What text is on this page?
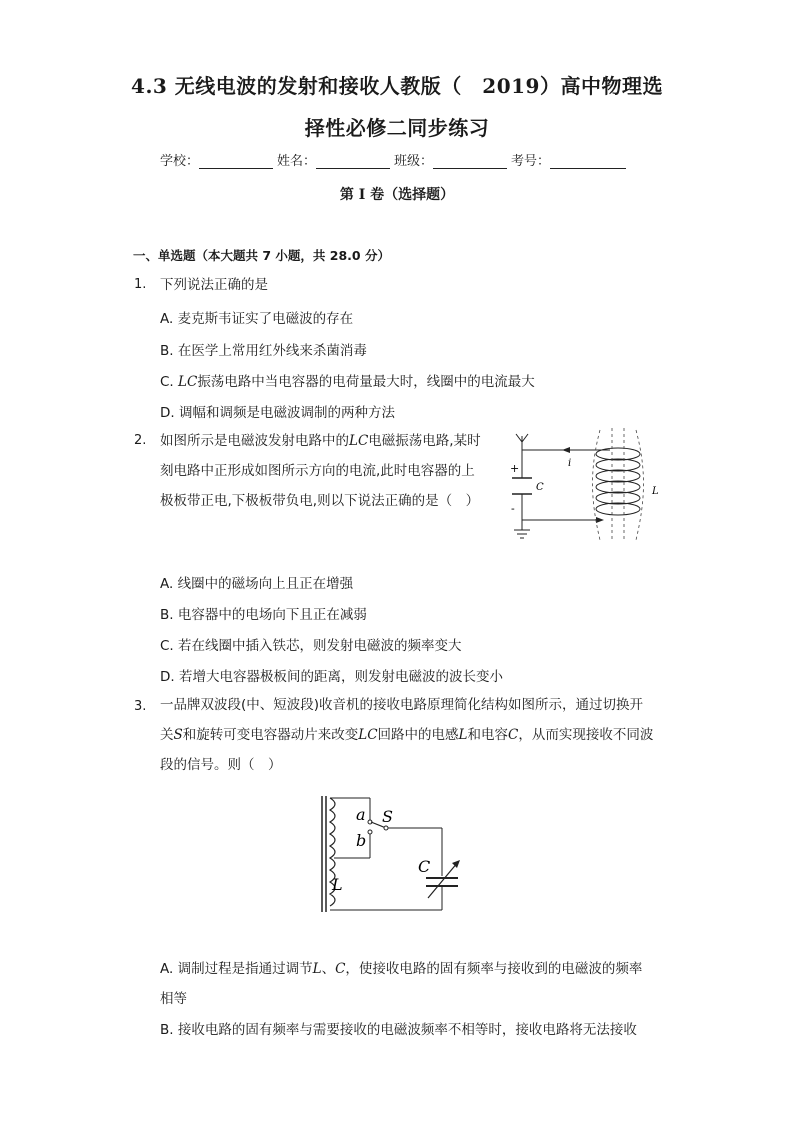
4.3 无线电波的发射和接收人教版（　2019）高中物理选
择性必修二同步练习
学校：	姓名：	班级：	考号：
第 I 卷（选择题）
一、单选题（本大题共 7 小题，共 28.0 分）
1. 下列说法正确的是
A. 麦克斯韦证实了电磁波的存在
B. 在医学上常用红外线来杀菌消毒
C. LC振荡电路中当电容器的电荷量最大时，线圈中的电流最大
D. 调幅和调频是电磁波调制的两种方法
2. 如图所示是电磁波发射电路中的LC电磁振荡电路,某时
刻电路中正形成如图所示方向的电流,此时电容器的上
极板带正电,下极板带负电,则以下说法正确的是（　）
+
-
C
i
L
A. 线圈中的磁场向上且正在增强
B. 电容器中的电场向下且正在减弱
C. 若在线圈中插入铁芯，则发射电磁波的频率变大
D. 若增大电容器极板间的距离，则发射电磁波的波长变小
3. 一品牌双波段(中、短波段)收音机的接收电路原理简化结构如图所示，通过切换开
关S和旋转可变电容器动片来改变LC回路中的电感L和电容C，从而实现接收不同波
段的信号。则（　）
a
b
S
C
L
A. 调制过程是指通过调节L、C，使接收电路的固有频率与接收到的电磁波的频率
相等
B. 接收电路的固有频率与需要接收的电磁波频率不相等时，接收电路将无法接收
